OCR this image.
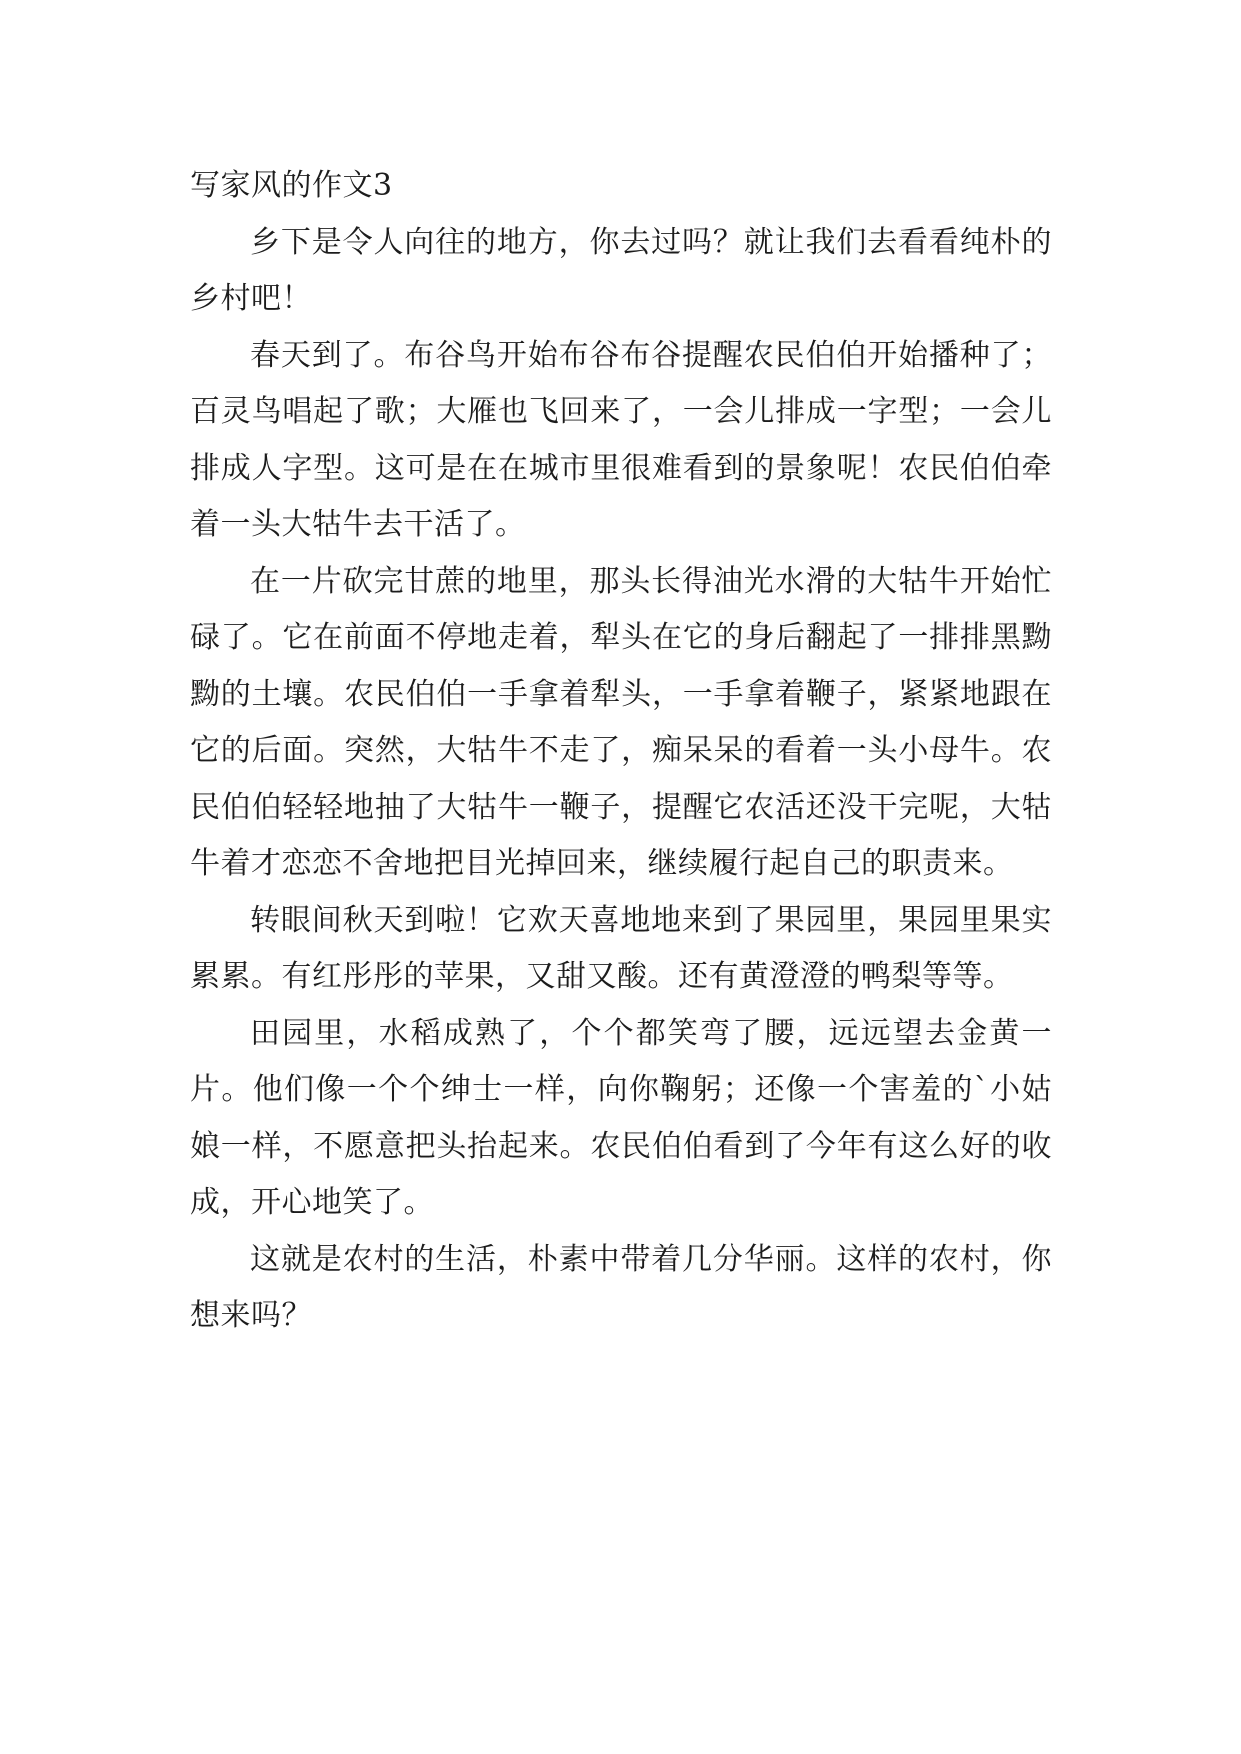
写家风的作文3

乡下是令人向往的地方，你去过吗？就让我们去看看纯朴的乡村吧！

春天到了。布谷鸟开始布谷布谷提醒农民伯伯开始播种了；百灵鸟唱起了歌；大雁也飞回来了，一会儿排成一字型；一会儿排成人字型。这可是在在城市里很难看到的景象呢！农民伯伯牵着一头大牯牛去干活了。

在一片砍完甘蔗的地里，那头长得油光水滑的大牯牛开始忙碌了。它在前面不停地走着，犁头在它的身后翻起了一排排黑黝黝的土壤。农民伯伯一手拿着犁头，一手拿着鞭子，紧紧地跟在它的后面。突然，大牯牛不走了，痴呆呆的看着一头小母牛。农民伯伯轻轻地抽了大牯牛一鞭子，提醒它农活还没干完呢，大牯牛着才恋恋不舍地把目光掉回来，继续履行起自己的职责来。

转眼间秋天到啦！它欢天喜地地来到了果园里，果园里果实累累。有红彤彤的苹果，又甜又酸。还有黄澄澄的鸭梨等等。

田园里，水稻成熟了，个个都笑弯了腰，远远望去金黄一片。他们像一个个绅士一样，向你鞠躬；还像一个害羞的`小姑娘一样，不愿意把头抬起来。农民伯伯看到了今年有这么好的收成，开心地笑了。

这就是农村的生活，朴素中带着几分华丽。这样的农村，你想来吗？
